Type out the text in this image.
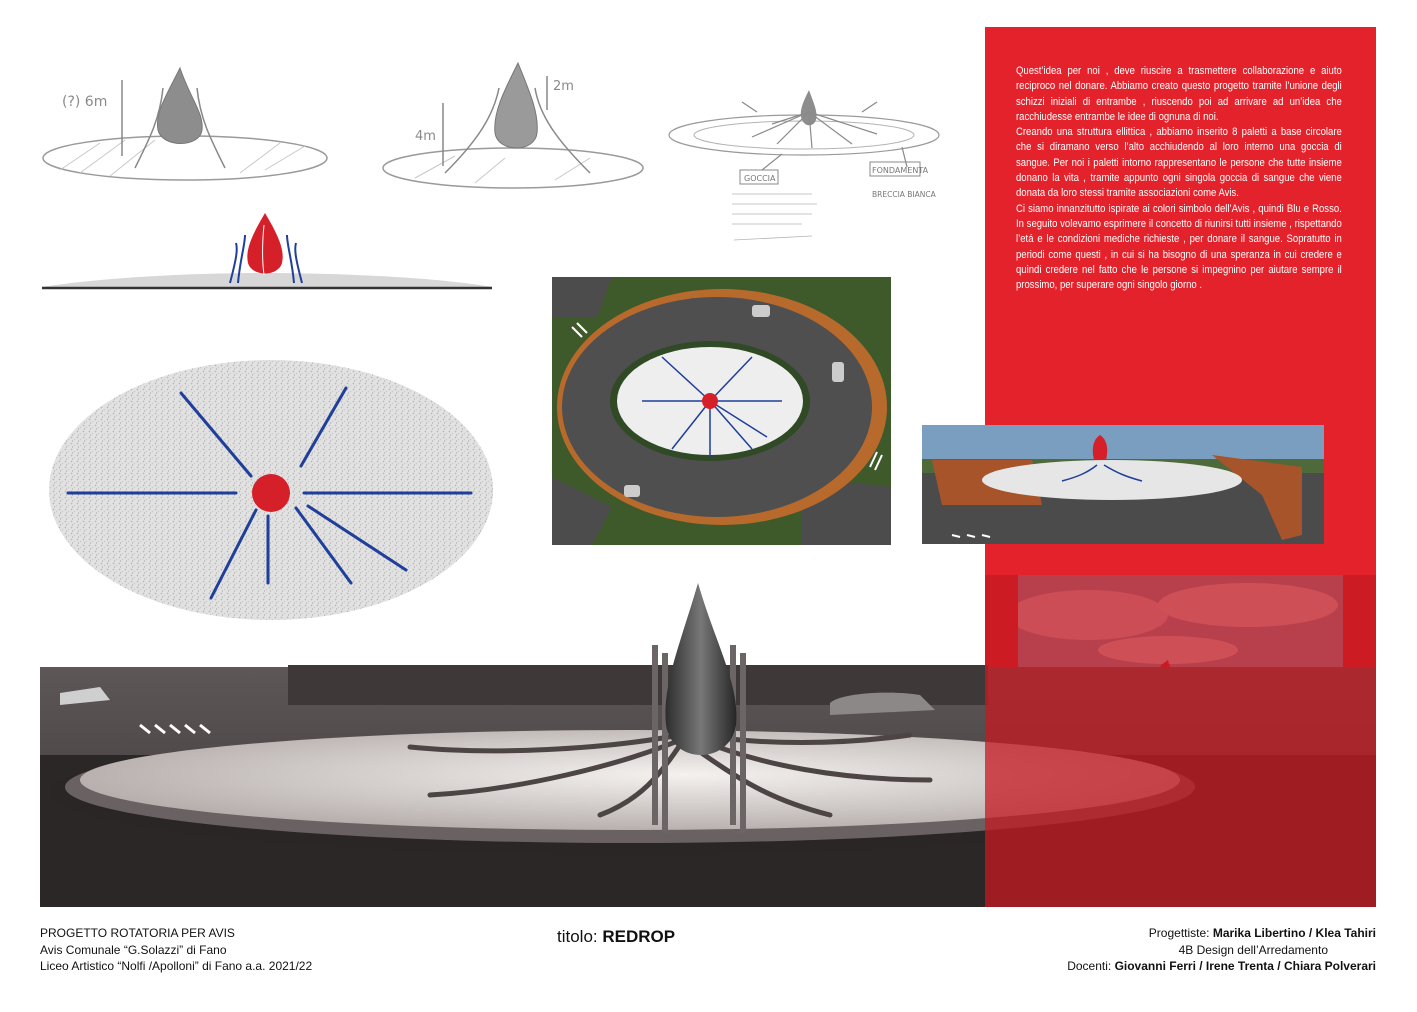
Quest’idea per noi , deve riuscire a trasmettere collaborazione e aiuto reciproco nel donare. Abbiamo creato questo progetto tramite l’unione degli schizzi iniziali di entrambe , riuscendo poi ad arrivare ad un’idea che racchiudesse entrambe le idee di ognuna di noi.

Creando una struttura ellittica , abbiamo inserito 8 paletti a base circolare che si diramano verso l’alto acchiudendo al loro interno una goccia di sangue. Per noi i paletti intorno rappresentano le persone che tutte insieme donano la vita , tramite appunto ogni singola goccia di sangue che viene donata da loro stessi tramite associazioni come Avis.

Ci siamo innanzitutto ispirate ai colori simbolo dell’Avis , quindi Blu e Rosso. In seguito volevamo esprimere il concetto di riunirsi tutti insieme , rispettando l’etá e le condizioni mediche richieste , per donare il sangue. Sopratutto in periodi come questi , in cui si ha bisogno di una speranza in cui credere e quindi credere nel fatto che le persone si impegnino per aiutare sempre il prossimo, per superare ogni singolo giorno .

(?) 6m
4m
2m
GOCCIA
FONDAMENTA
BRECCIA BIANCA
PROGETTO ROTATORIA PER AVIS
Avis Comunale “G.Solazzi” di Fano
Liceo Artistico “Nolfi /Apolloni” di Fano a.a. 2021/22
titolo: REDROP	Progettiste: Marika Libertino / Klea Tahiri
4B Design dell’Arredamento
Docenti: Giovanni Ferri / Irene Trenta / Chiara Polverari
